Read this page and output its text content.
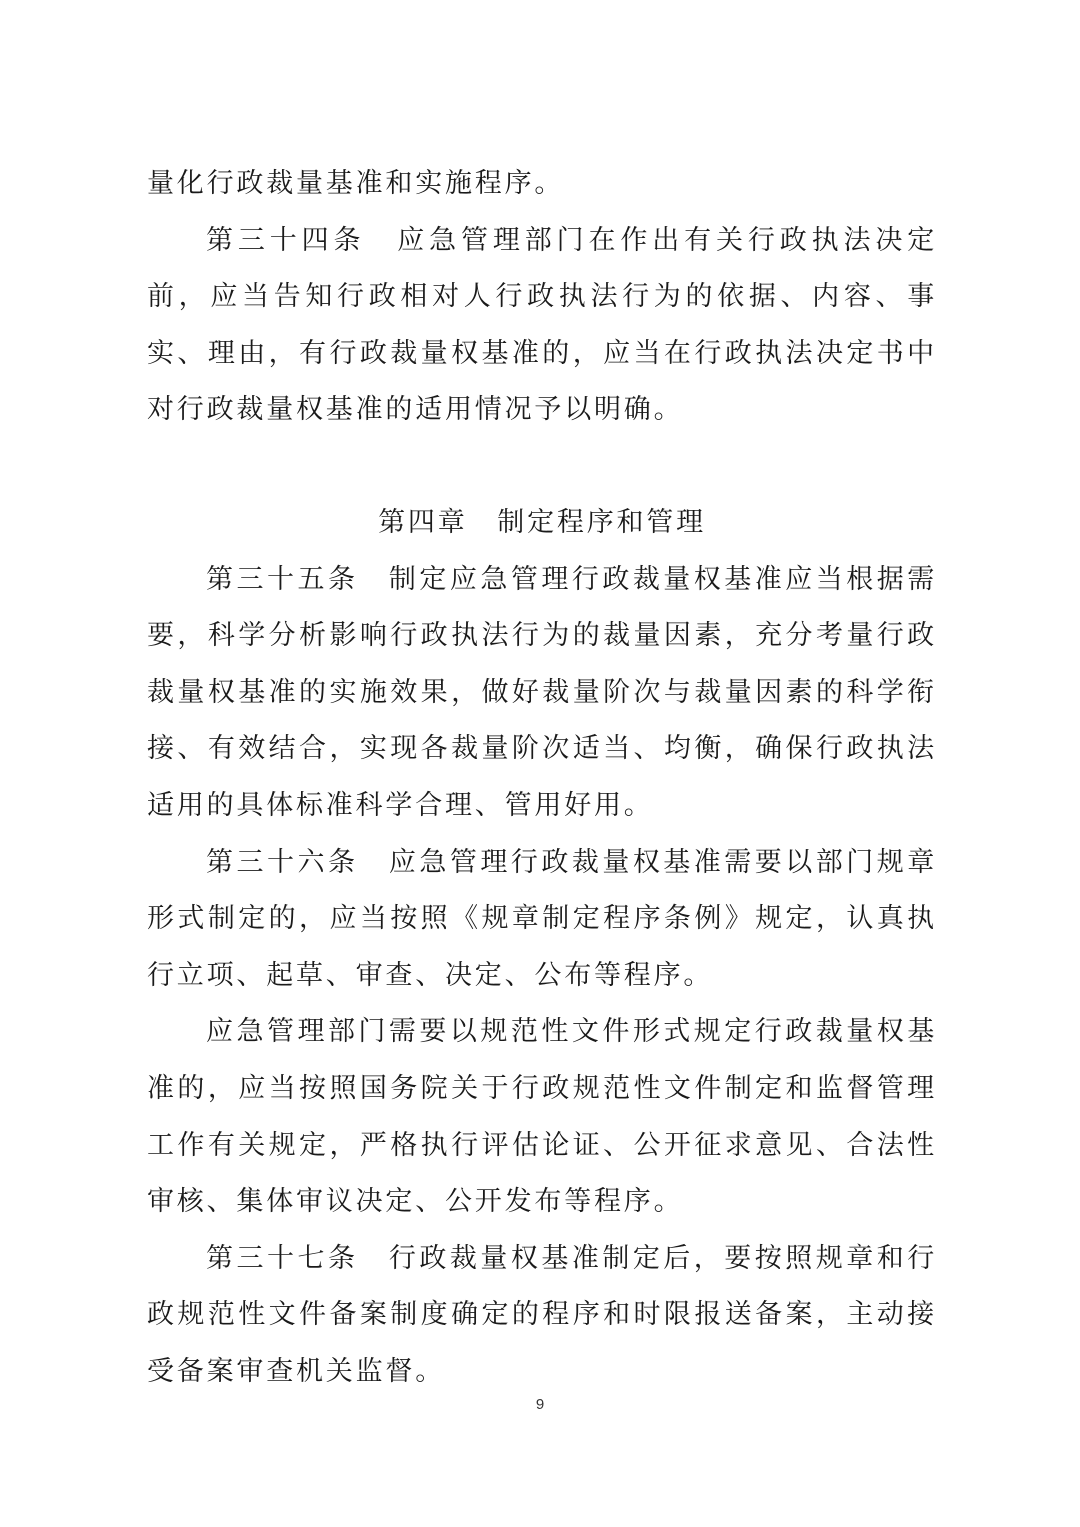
量化行政裁量基准和实施程序。

第三十四条　应急管理部门在作出有关行政执法决定前，应当告知行政相对人行政执法行为的依据、内容、事实、理由，有行政裁量权基准的，应当在行政执法决定书中对行政裁量权基准的适用情况予以明确。

第四章　制定程序和管理

第三十五条　制定应急管理行政裁量权基准应当根据需要，科学分析影响行政执法行为的裁量因素，充分考量行政裁量权基准的实施效果，做好裁量阶次与裁量因素的科学衔接、有效结合，实现各裁量阶次适当、均衡，确保行政执法适用的具体标准科学合理、管用好用。

第三十六条　应急管理行政裁量权基准需要以部门规章形式制定的，应当按照《规章制定程序条例》规定，认真执行立项、起草、审查、决定、公布等程序。

应急管理部门需要以规范性文件形式规定行政裁量权基准的，应当按照国务院关于行政规范性文件制定和监督管理工作有关规定，严格执行评估论证、公开征求意见、合法性审核、集体审议决定、公开发布等程序。

第三十七条　行政裁量权基准制定后，要按照规章和行政规范性文件备案制度确定的程序和时限报送备案，主动接受备案审查机关监督。

9
